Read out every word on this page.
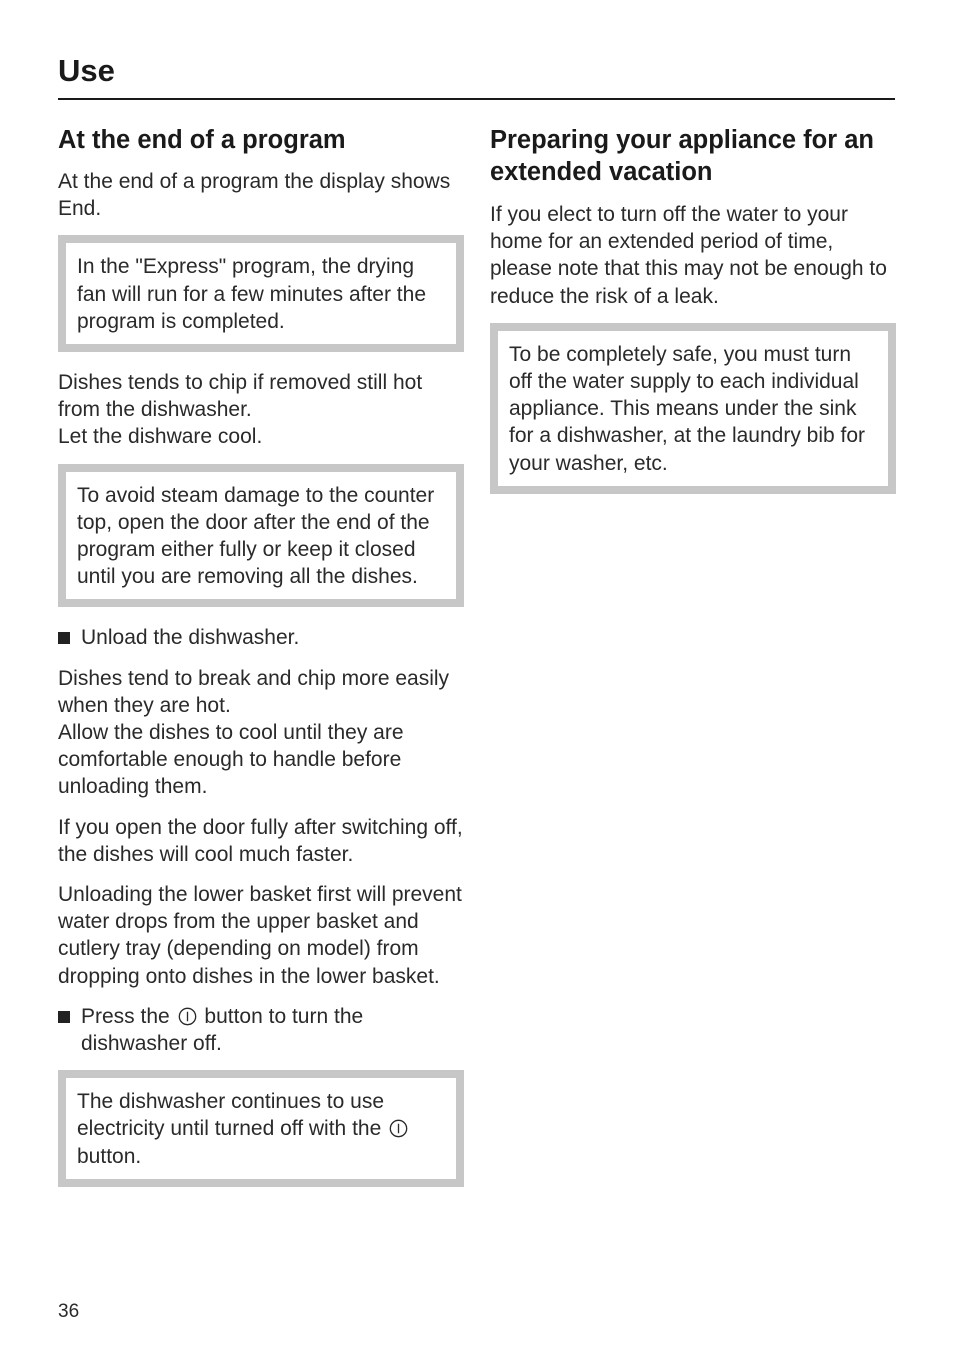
Use
At the end of a program

At the end of a program the display shows End.

In the "Express" program, the drying fan will run for a few minutes after the program is completed.

Dishes tends to chip if removed still hot from the dishwasher.

Let the dishware cool.

To avoid steam damage to the counter top, open the door after the end of the program either fully or keep it closed until you are removing all the dishes.

Unload the dishwasher.

Dishes tend to break and chip more easily when they are hot.

Allow the dishes to cool until they are comfortable enough to handle before unloading them.

If you open the door fully after switching off, the dishes will cool much faster.

Unloading the lower basket first will prevent water drops from the upper basket and cutlery tray (depending on model) from dropping onto dishes in the lower basket.

Press the button to turn the dishwasher off.

The dishwasher continues to use electricity until turned off with the  button.

Preparing your appliance for an extended vacation

If you elect to turn off the water to your home for an extended period of time, please note that this may not be enough to reduce the risk of a leak.

To be completely safe, you must turn off the water supply to each individual appliance. This means under the sink for a dishwasher, at the laundry bib for your washer, etc.

36
